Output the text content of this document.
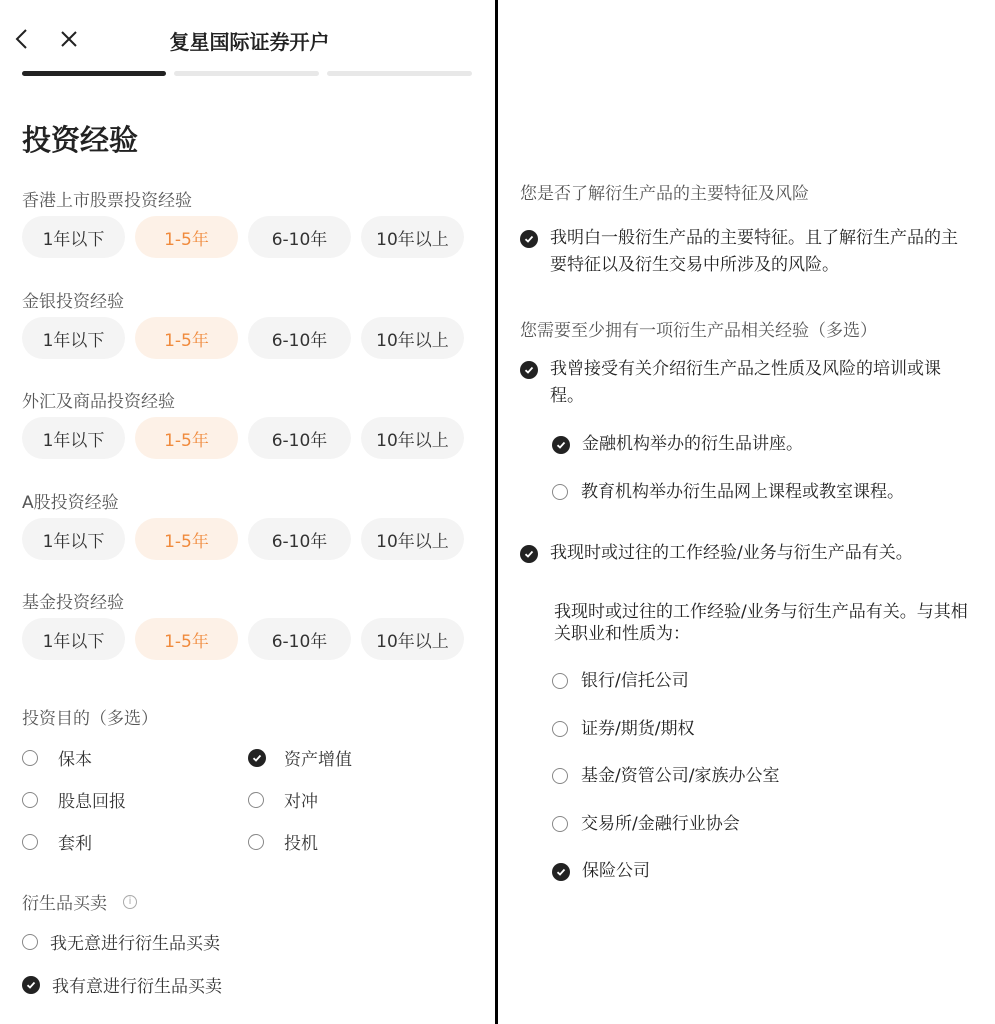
复星国际证券开户
投资经验
香港上市股票投资经验
1年以下	1-5年	6-10年	10年以上
金银投资经验
1年以下	1-5年	6-10年	10年以上
外汇及商品投资经验
1年以下	1-5年	6-10年	10年以上
A股投资经验
1年以下	1-5年	6-10年	10年以上
基金投资经验
1年以下	1-5年	6-10年	10年以上
投资目的（多选）
保本	资产增值
股息回报	对冲
套利	投机
衍生品买卖	i
我无意进行衍生品买卖
我有意进行衍生品买卖
您是否了解衍生产品的主要特征及风险
我明白一般衍生产品的主要特征。且了解衍生产品的主要特征以及衍生交易中所涉及的风险。
您需要至少拥有一项衍生产品相关经验（多选）
我曾接受有关介绍衍生产品之性质及风险的培训或课程。
金融机构举办的衍生品讲座。
教育机构举办衍生品网上课程或教室课程。
我现时或过往的工作经验/业务与衍生产品有关。
我现时或过往的工作经验/业务与衍生产品有关。与其相关职业和性质为：
银行/信托公司
证券/期货/期权
基金/资管公司/家族办公室
交易所/金融行业协会
保险公司
